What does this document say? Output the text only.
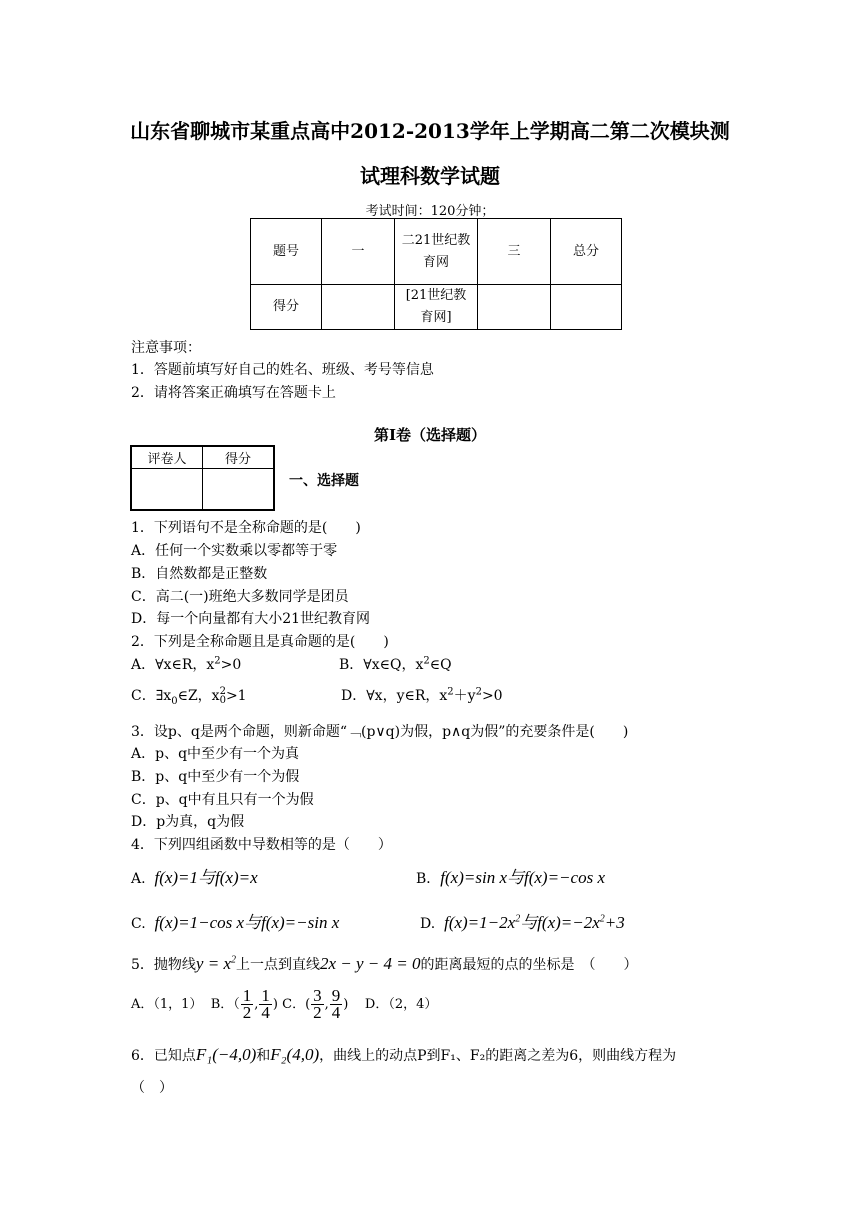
山东省聊城市某重点高中2012-2013学年上学期高二第二次模块测
试理科数学试题
考试时间：120分钟；
题号	一	二21世纪教育网	三	总分
得分		[21世纪教育网]		
注意事项：
1．答题前填写好自己的姓名、班级、考号等信息
2．请将答案正确填写在答题卡上
第Ⅰ卷（选择题）
评卷人	得分

一、选择题
1．下列语句不是全称命题的是(　　)
A．任何一个实数乘以零都等于零
B．自然数都是正整数
C．高二(一)班绝大多数同学是团员
D．每一个向量都有大小21世纪教育网
2．下列是全称命题且是真命题的是(　　)
A．∀x∈R，$x^2>0$	B．∀x∈Q，$x^2\in Q$
C．$\exists x_0\in Z$，x2
0>1	D．∀x，y∈R，$x^2+y^2>0$
3．设p、q是两个命题，则新命题“﹁(p∨q)为假，p∧q为假”的充要条件是(　　)
A．p、q中至少有一个为真
B．p、q中至少有一个为假
C．p、q中有且只有一个为假
D．p为真，q为假
4．下列四组函数中导数相等的是（　　）
A. f(x)=1与f(x)=x	B．f(x)=sin x与f(x)=−cos x
C. f(x)=1−cos x与f(x)=−sin x	D. $f(x)=1-2x^2$与$f(x)=-2x^2+3$
5．抛物线$y = x^2$上一点到直线2x − y − 4 = 0的距离最短的点的坐标是　（　　）
A．（1，1） B．（ $\frac{1}{2}$ , $\frac{1}{4}$ ) C．( $\frac{3}{2}$ , $\frac{9}{4}$ )    D．（2，4）
6．已知点F₁(−4,0)和F₂(4,0)，曲线上的动点P到F₁、F₂的距离之差为6，则曲线方程为
（　）
